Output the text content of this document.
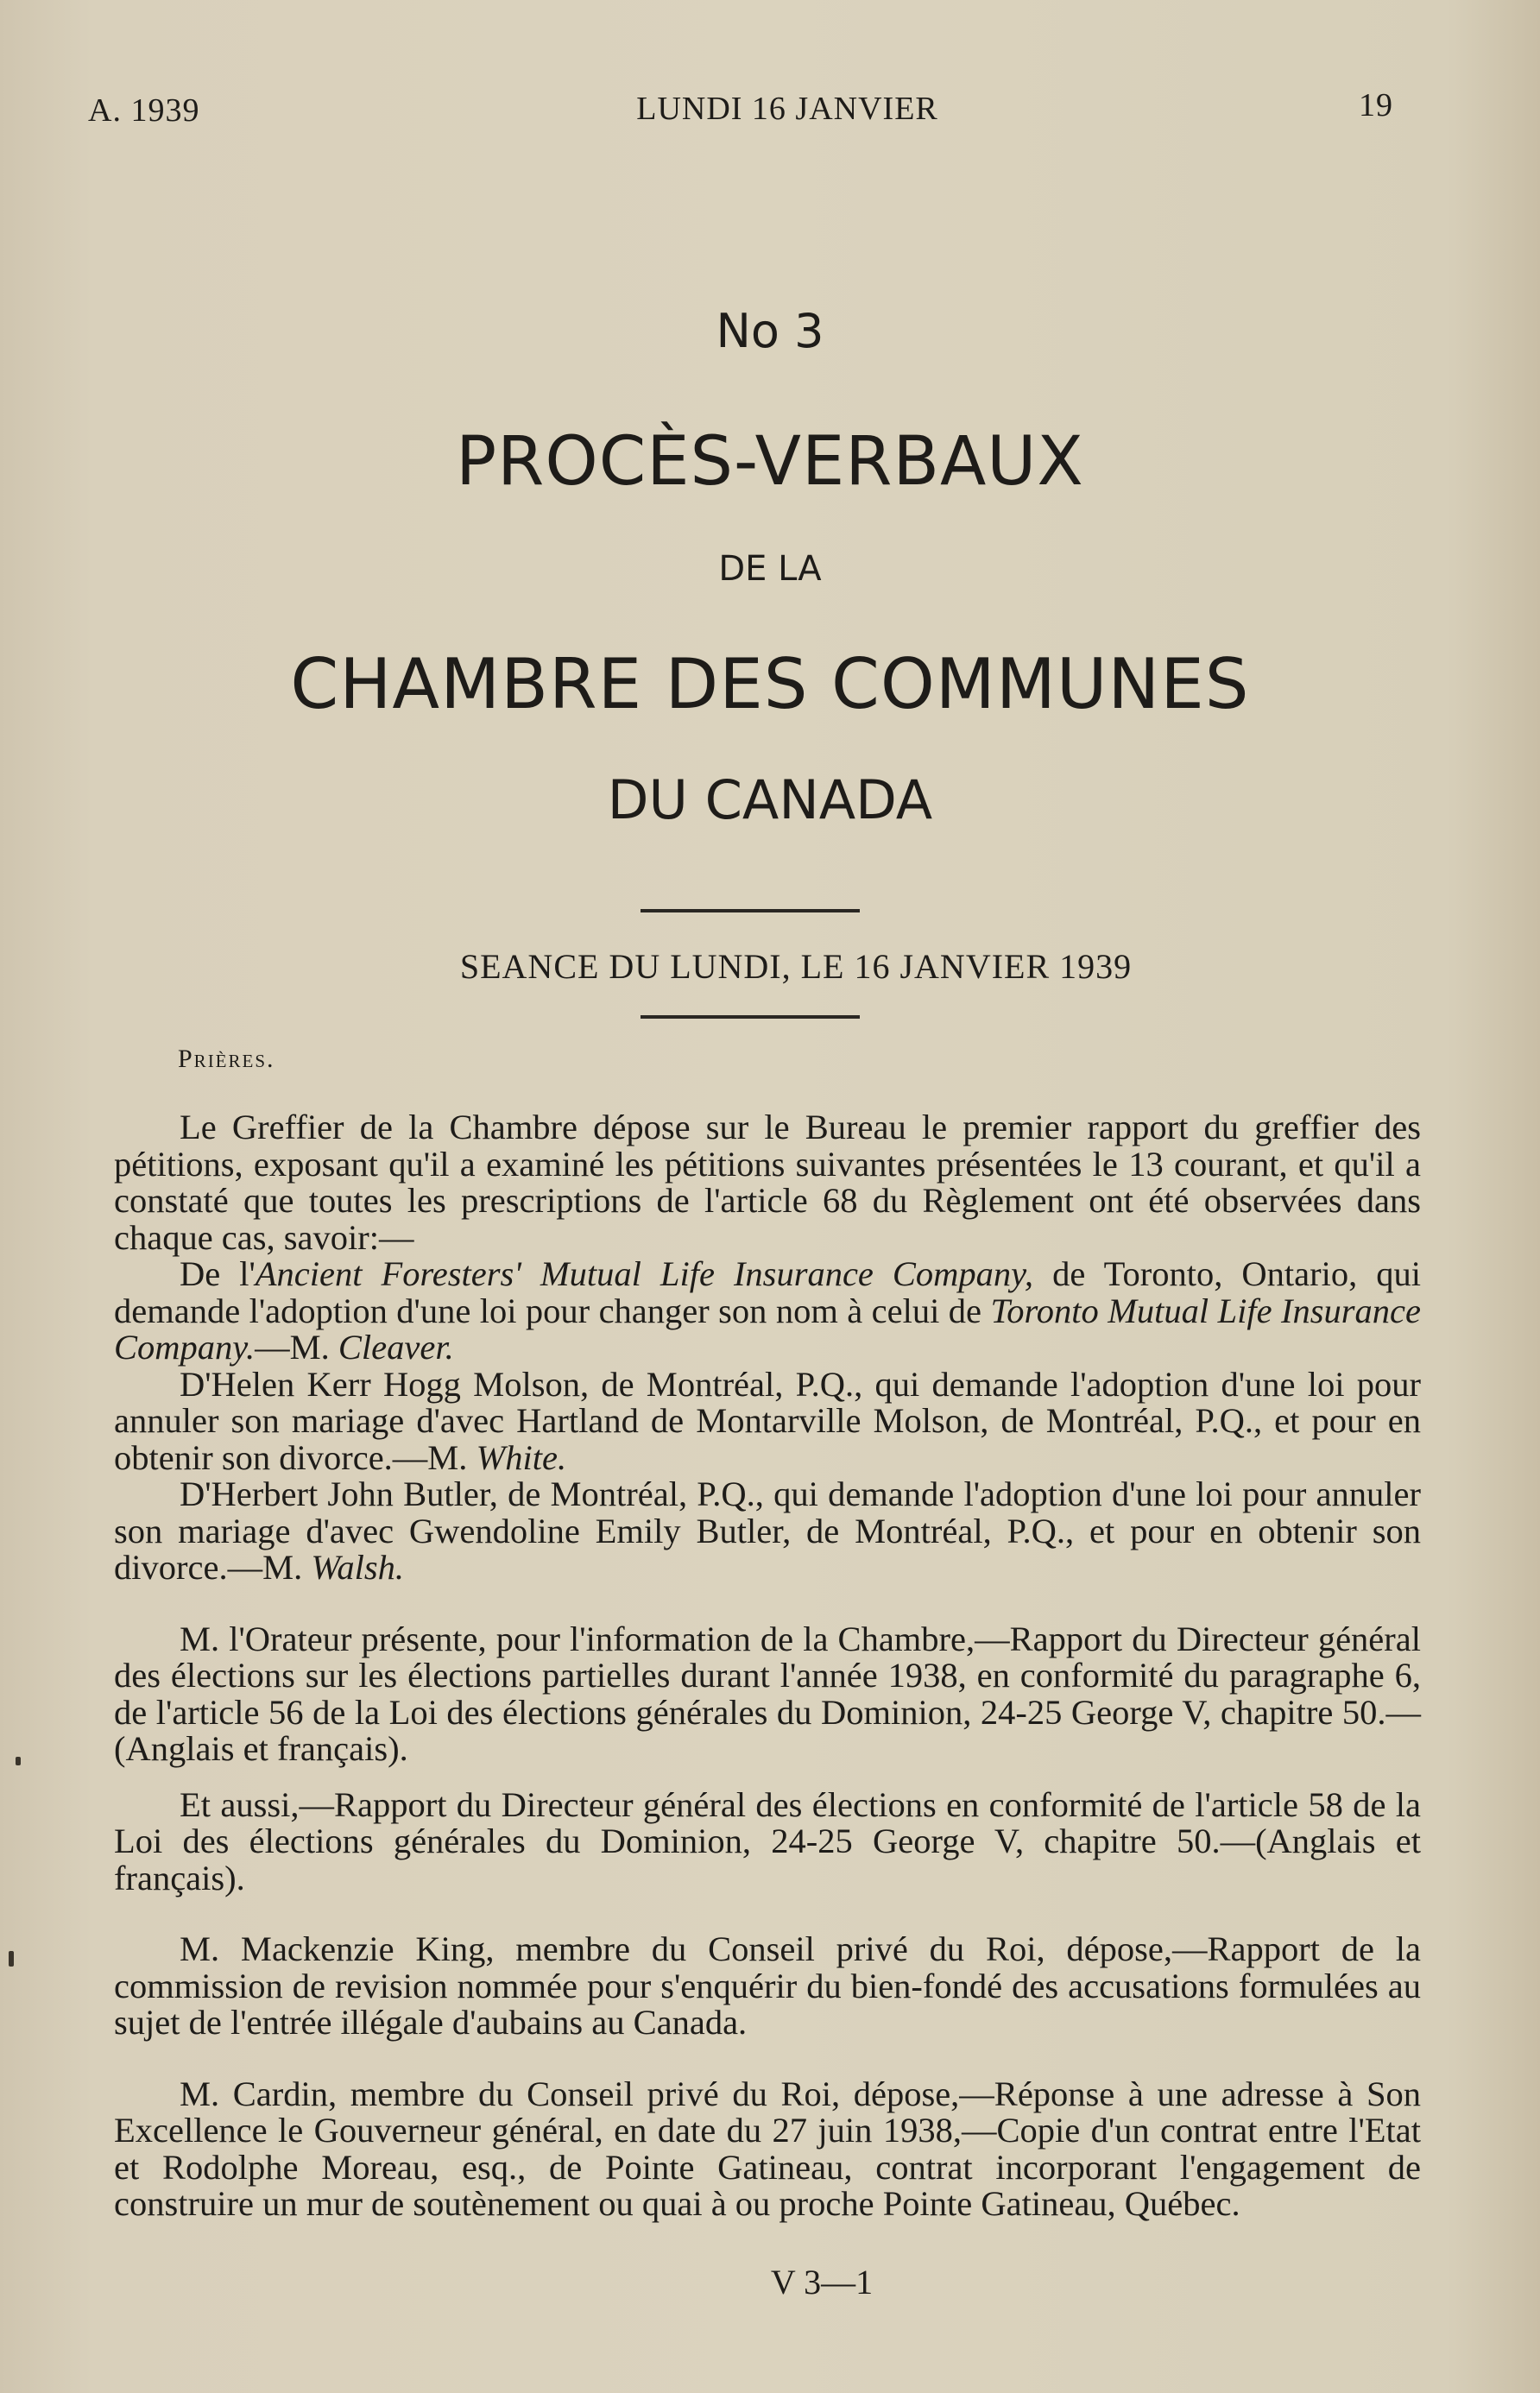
A. 1939	LUNDI 16 JANVIER	19
No 3
PROCÈS-VERBAUX
DE LA
CHAMBRE DES COMMUNES
DU CANADA
SEANCE DU LUNDI, LE 16 JANVIER 1939
Prières.

Le Greffier de la Chambre dépose sur le Bureau le premier rapport du greffier des pétitions, exposant qu'il a examiné les pétitions suivantes présentées le 13 courant, et qu'il a constaté que toutes les prescriptions de l'article 68 du Règlement ont été observées dans chaque cas, savoir:—

De l'Ancient Foresters' Mutual Life Insurance Company, de Toronto, Ontario, qui demande l'adoption d'une loi pour changer son nom à celui de Toronto Mutual Life Insurance Company.—M. Cleaver.

D'Helen Kerr Hogg Molson, de Montréal, P.Q., qui demande l'adoption d'une loi pour annuler son mariage d'avec Hartland de Montarville Molson, de Montréal, P.Q., et pour en obtenir son divorce.—M. White.

D'Herbert John Butler, de Montréal, P.Q., qui demande l'adoption d'une loi pour annuler son mariage d'avec Gwendoline Emily Butler, de Montréal, P.Q., et pour en obtenir son divorce.—M. Walsh.

M. l'Orateur présente, pour l'information de la Chambre,—Rapport du Directeur général des élections sur les élections partielles durant l'année 1938, en conformité du paragraphe 6, de l'article 56 de la Loi des élections générales du Dominion, 24-25 George V, chapitre 50.—(Anglais et français).

Et aussi,—Rapport du Directeur général des élections en conformité de l'article 58 de la Loi des élections générales du Dominion, 24-25 George V, chapitre 50.—(Anglais et français).

M. Mackenzie King, membre du Conseil privé du Roi, dépose,—Rapport de la commission de revision nommée pour s'enquérir du bien-fondé des accusations formulées au sujet de l'entrée illégale d'aubains au Canada.

M. Cardin, membre du Conseil privé du Roi, dépose,—Réponse à une adresse à Son Excellence le Gouverneur général, en date du 27 juin 1938,—Copie d'un contrat entre l'Etat et Rodolphe Moreau, esq., de Pointe Gatineau, contrat incorporant l'engagement de construire un mur de soutènement ou quai à ou proche Pointe Gatineau, Québec.

V 3—1
